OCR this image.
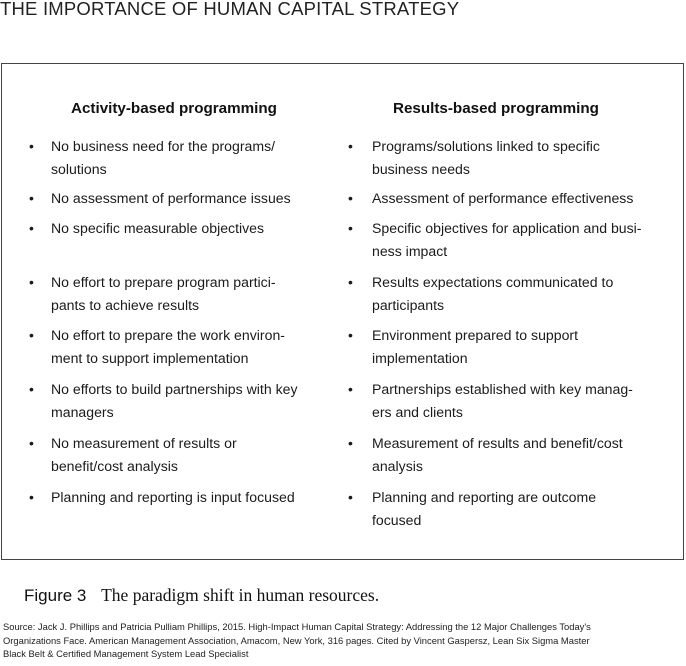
THE IMPORTANCE OF HUMAN CAPITAL STRATEGY
Activity-based programming	Results-based programming
• No business need for the programs/
solutions
• No assessment of performance issues
• No specific measurable objectives
• No effort to prepare program partici-
pants to achieve results
• No effort to prepare the work environ-
ment to support implementation
• No efforts to build partnerships with key
managers
• No measurement of results or
benefit/cost analysis
• Planning and reporting is input focused
• Programs/solutions linked to specific
business needs
• Assessment of performance effectiveness
• Specific objectives for application and busi-
ness impact
• Results expectations communicated to
participants
• Environment prepared to support
implementation
• Partnerships established with key manag-
ers and clients
• Measurement of results and benefit/cost
analysis
• Planning and reporting are outcome
focused
Figure 3 The paradigm shift in human resources.
Source: Jack J. Phillips and Patricia Pulliam Phillips, 2015. High-Impact Human Capital Strategy: Addressing the 12 Major Challenges Today's
Organizations Face. American Management Association, Amacom, New York, 316 pages. Cited by Vincent Gaspersz, Lean Six Sigma Master
Black Belt & Certified Management System Lead Specialist
